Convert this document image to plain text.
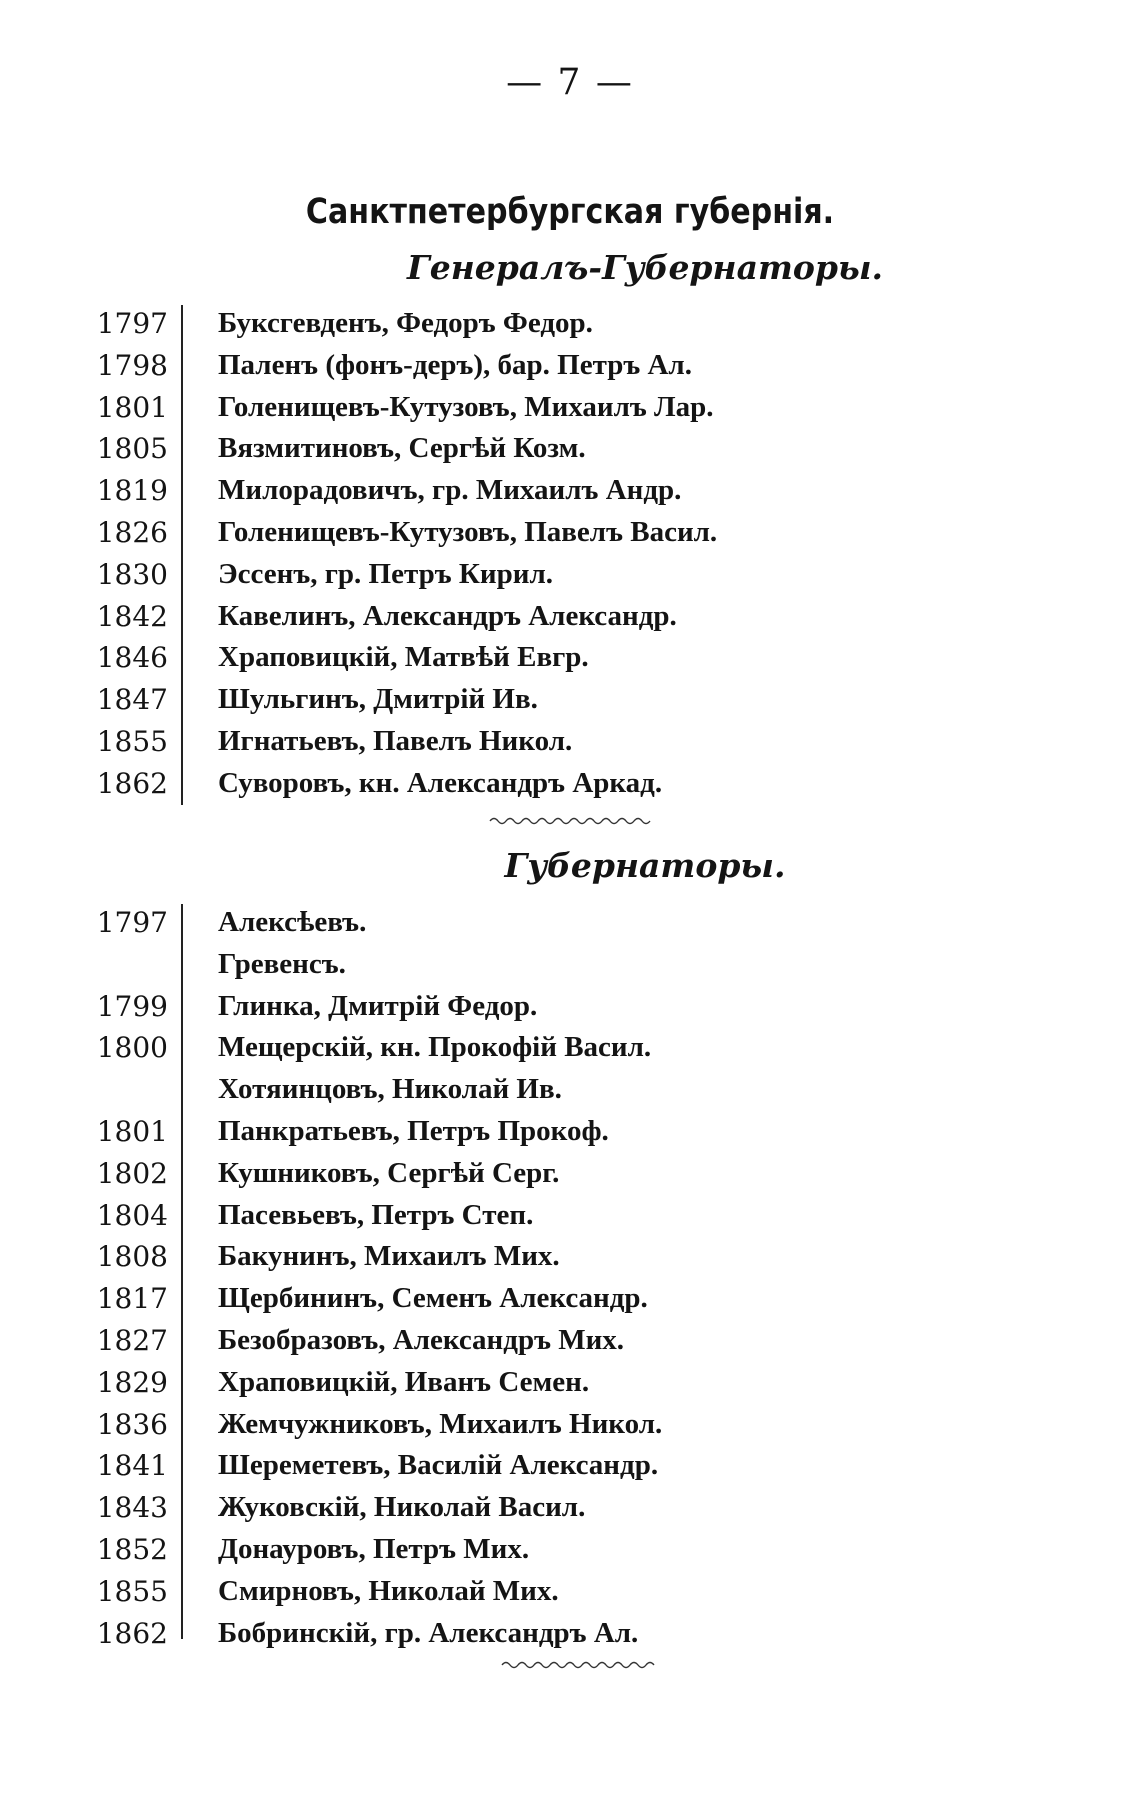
— 7 —
Санктпетербургская губернія.
Генералъ-Губернаторы.
1797 Буксгевденъ, Федоръ Федор.
1798 Паленъ (фонъ-деръ), бар. Петръ Ал.
1801 Голенищевъ-Кутузовъ, Михаилъ Лар.
1805 Вязмитиновъ, Сергѣй Козм.
1819 Милорадовичъ, гр. Михаилъ Андр.
1826 Голенищевъ-Кутузовъ, Павелъ Васил.
1830 Эссенъ, гр. Петръ Кирил.
1842 Кавелинъ, Александръ Александр.
1846 Храповицкій, Матвѣй Евгр.
1847 Шульгинъ, Дмитрій Ив.
1855 Игнатьевъ, Павелъ Никол.
1862 Суворовъ, кн. Александръ Аркад.
Губернаторы.
1797 Алексѣевъ.
Гревенсъ.
1799 Глинка, Дмитрій Федор.
1800 Мещерскій, кн. Прокофій Васил.
Хотяинцовъ, Николай Ив.
1801 Панкратьевъ, Петръ Прокоф.
1802 Кушниковъ, Сергѣй Серг.
1804 Пасевьевъ, Петръ Степ.
1808 Бакунинъ, Михаилъ Мих.
1817 Щербининъ, Семенъ Александр.
1827 Безобразовъ, Александръ Мих.
1829 Храповицкій, Иванъ Семен.
1836 Жемчужниковъ, Михаилъ Никол.
1841 Шереметевъ, Василій Александр.
1843 Жуковскій, Николай Васил.
1852 Донауровъ, Петръ Мих.
1855 Смирновъ, Николай Мих.
1862 Бобринскій, гр. Александръ Ал.
